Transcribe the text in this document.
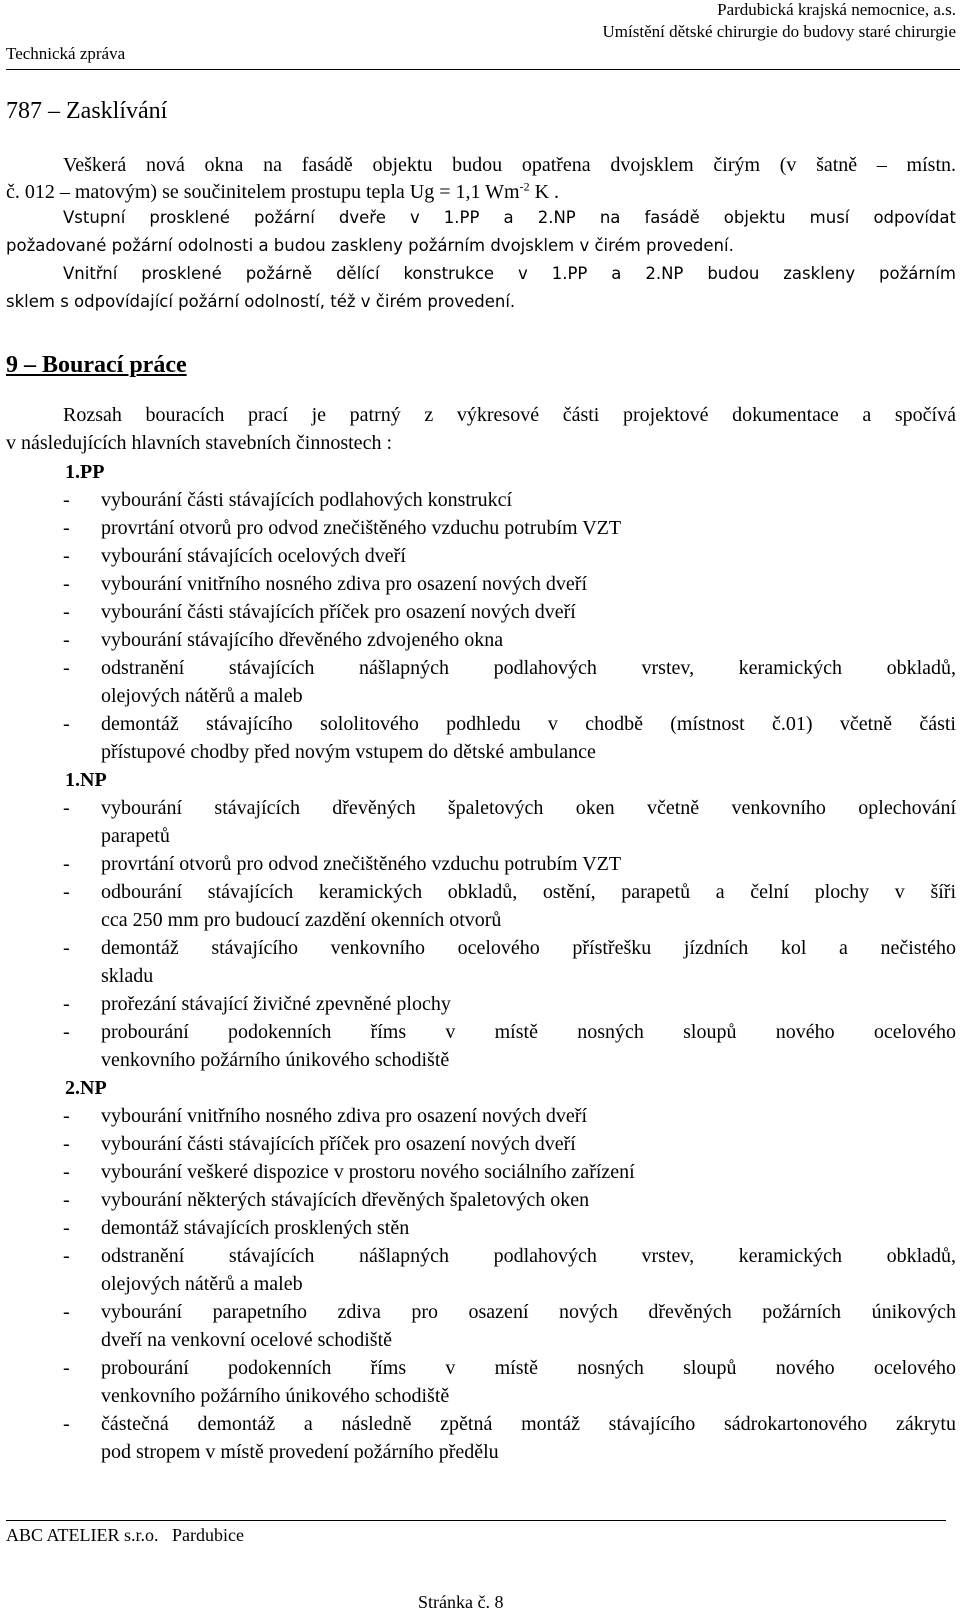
Technická zpráva
Pardubická krajská nemocnice, a.s.
Umístění dětské chirurgie do budovy staré chirurgie
787 – Zasklívání
Veškerá nová okna na fasádě objektu budou opatřena dvojsklem čirým (v šatně – místn.
č. 012 – matovým) se součinitelem prostupu tepla Ug = 1,1 $Wm^{-2}$ K .
Vstupní prosklené požární dveře v 1.PP a 2.NP na fasádě objektu musí odpovídat
požadované požární odolnosti a budou zaskleny požárním dvojsklem v čirém provedení.
Vnitřní prosklené požárně dělící konstrukce v 1.PP a 2.NP budou zaskleny požárním
sklem s odpovídající požární odolností, též v čirém provedení.
9 – Bourací práce
Rozsah bouracích prací je patrný z výkresové části projektové dokumentace a spočívá
v následujících hlavních stavebních činnostech :
1.PP
- vybourání části stávajících podlahových konstrukcí
- provrtání otvorů pro odvod znečištěného vzduchu potrubím VZT
- vybourání stávajících ocelových dveří
- vybourání vnitřního nosného zdiva pro osazení nových dveří
- vybourání části stávajících příček pro osazení nových dveří
- vybourání stávajícího dřevěného zdvojeného okna
- odstranění stávajících nášlapných podlahových vrstev, keramických obkladů,
olejových nátěrů a maleb
- demontáž stávajícího sololitového podhledu v chodbě (místnost č.01) včetně části
přístupové chodby před novým vstupem do dětské ambulance
1.NP
- vybourání stávajících dřevěných špaletových oken včetně venkovního oplechování
parapetů
- provrtání otvorů pro odvod znečištěného vzduchu potrubím VZT
- odbourání stávajících keramických obkladů, ostění, parapetů a čelní plochy v šíři
cca 250 mm pro budoucí zazdění okenních otvorů
- demontáž stávajícího venkovního ocelového přístřešku jízdních kol a nečistého
skladu
- prořezání stávající živičné zpevněné plochy
- probourání podokenních říms v místě nosných sloupů nového ocelového
venkovního požárního únikového schodiště
2.NP
- vybourání vnitřního nosného zdiva pro osazení nových dveří
- vybourání části stávajících příček pro osazení nových dveří
- vybourání veškeré dispozice v prostoru nového sociálního zařízení
- vybourání některých stávajících dřevěných špaletových oken
- demontáž stávajících prosklených stěn
- odstranění stávajících nášlapných podlahových vrstev, keramických obkladů,
olejových nátěrů a maleb
- vybourání parapetního zdiva pro osazení nových dřevěných požárních únikových
dveří na venkovní ocelové schodiště
- probourání podokenních říms v místě nosných sloupů nového ocelového
venkovního požárního únikového schodiště
- částečná demontáž a následně zpětná montáž stávajícího sádrokartonového zákrytu
pod stropem v místě provedení požárního předělu
ABC ATELIER s.r.o.   Pardubice
Stránka č. 8
